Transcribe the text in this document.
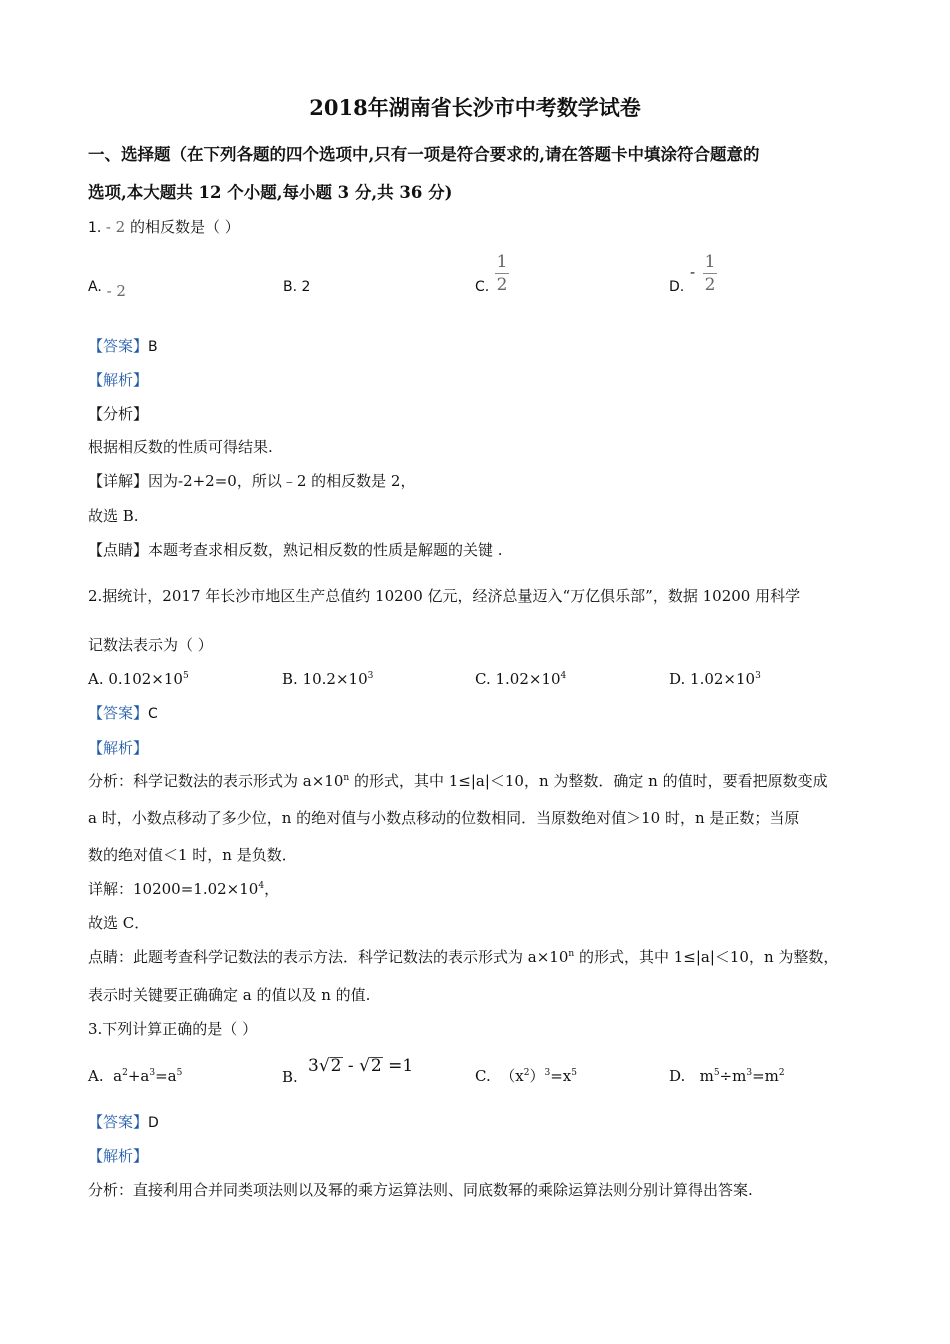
2018年湖南省长沙市中考数学试卷
一、选择题（在下列各题的四个选项中,只有一项是符合要求的,请在答题卡中填涂符合题意的
选项,本大题共 12 个小题,每小题 3 分,共 36 分)
1. - 2 的相反数是（ ）
A. - 2	B. 2	C.
1
2	D.
- 1
2
【答案】B
【解析】
【分析】
根据相反数的性质可得结果.
【详解】因为-2+2=0，所以﹣2 的相反数是 2，
故选 B.
【点睛】本题考查求相反数，熟记相反数的性质是解题的关键 .
2.据统计，2017 年长沙市地区生产总值约 10200 亿元，经济总量迈入“万亿俱乐部”，数据 10200 用科学
记数法表示为（ ）
A. $0.102\times 10^5$	B. $10.2\times 10^3$	C. $1.02\times 10^4$	D. $1.02\times 10^3$
【答案】C
【解析】
分析：科学记数法的表示形式为 $a\times 10^n$ 的形式，其中 1≤|a|＜10，n 为整数．确定 n 的值时，要看把原数变成
a 时，小数点移动了多少位，n 的绝对值与小数点移动的位数相同．当原数绝对值＞10 时，n 是正数；当原
数的绝对值＜1 时，n 是负数．
详解：$10200=1.02\times 10^4$，
故选 C．
点睛：此题考查科学记数法的表示方法．科学记数法的表示形式为 $a\times 10^n$ 的形式，其中 1≤|a|＜10，n 为整数，
表示时关键要正确确定 a 的值以及 n 的值.
3.下列计算正确的是（ ）
A. $a^2+a^3=a^5$	B.
3√2 - √2 =1	C. $(x^2)^3=x^5$	D. $m^5\div m^3=m^2$
【答案】D
【解析】
分析：直接利用合并同类项法则以及幂的乘方运算法则、同底数幂的乘除运算法则分别计算得出答案.
